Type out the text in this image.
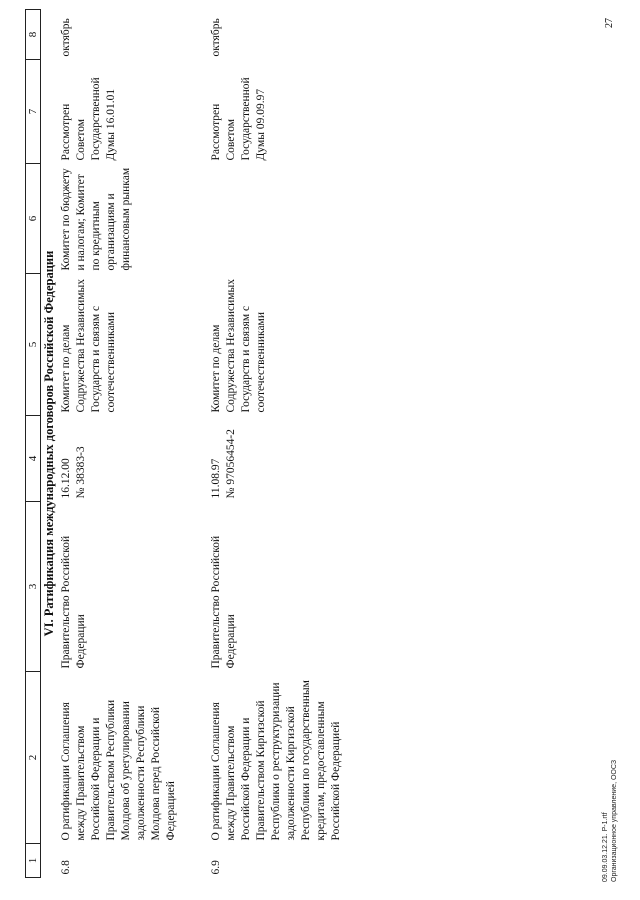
1	2	3	4	5	6	7	8
VI. Ратификация международных договоров Российской Федерации							
6.8	О ратификации Соглашения между Правительством Российской Федерации и Правительством Республики Молдова об урегулировании задолженности Республики Молдова перед Российской Федерацией	Правительство Российской Федерации	16.12.00 № 38383-3	Комитет по делам Содружества Независимых Государств и связям с соотечественниками	Комитет по бюджету и налогам; Комитет по кредитным организациям и финансовым рынкам	Рассмотрен Советом Государственной Думы 16.01.01	октябрь
6.9	О ратификации Соглашения между Правительством Российской Федерации и Правительством Киргизской Республики о реструктуризации задолженности Киргизской Республики по государственным кредитам, предоставленным Российской Федерацией	Правительство Российской Федерации	11.08.97 № 97056454-2	Комитет по делам Содружества Независимых Государств и связям с соотечественниками		Рассмотрен Советом Государственной Думы 09.09.97	октябрь	27
09.09.03.12.21. Р-1.rtf Организационное управление, ООСЗ
